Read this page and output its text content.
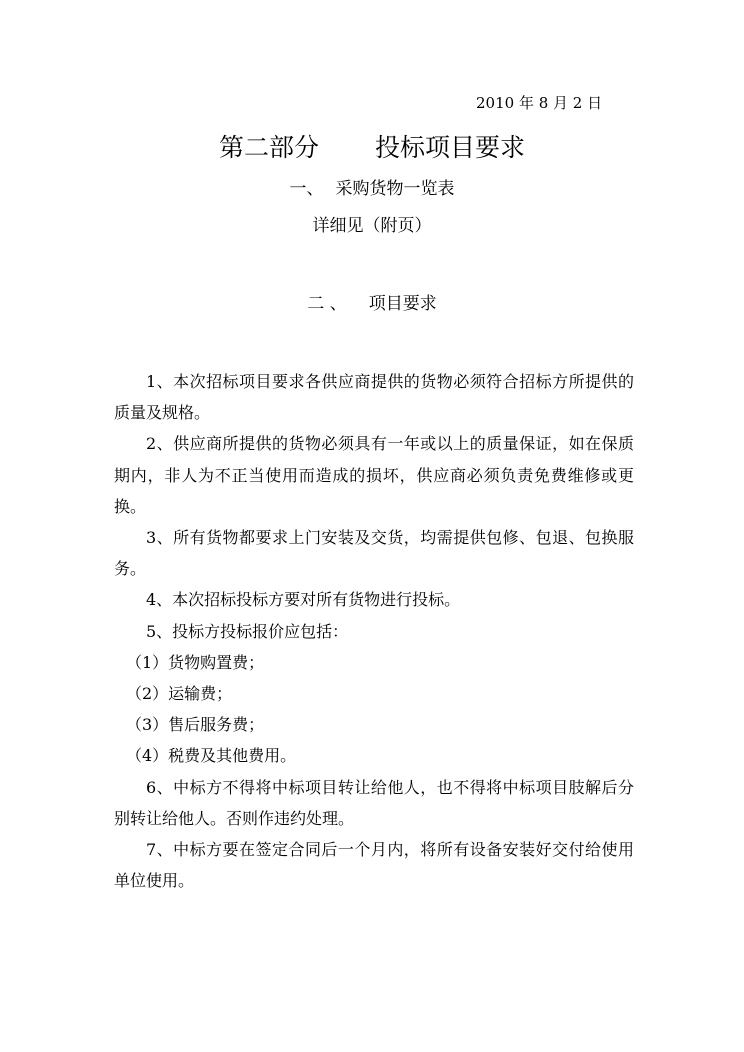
2010 年 8 月 2 日
第二部分 投标项目要求
一、 采购货物一览表
详细见（附页）
二 、 项目要求

1、本次招标项目要求各供应商提供的货物必须符合招标方所提供的质量及规格。

2、供应商所提供的货物必须具有一年或以上的质量保证，如在保质期内，非人为不正当使用而造成的损坏，供应商必须负责免费维修或更换。

3、所有货物都要求上门安装及交货，均需提供包修、包退、包换服务。

4、本次招标投标方要对所有货物进行投标。

5、投标方投标报价应包括：

（1）货物购置费；

（2）运输费；

（3）售后服务费；

（4）税费及其他费用。

6、中标方不得将中标项目转让给他人，也不得将中标项目肢解后分别转让给他人。否则作违约处理。

7、中标方要在签定合同后一个月内，将所有设备安装好交付给使用单位使用。
